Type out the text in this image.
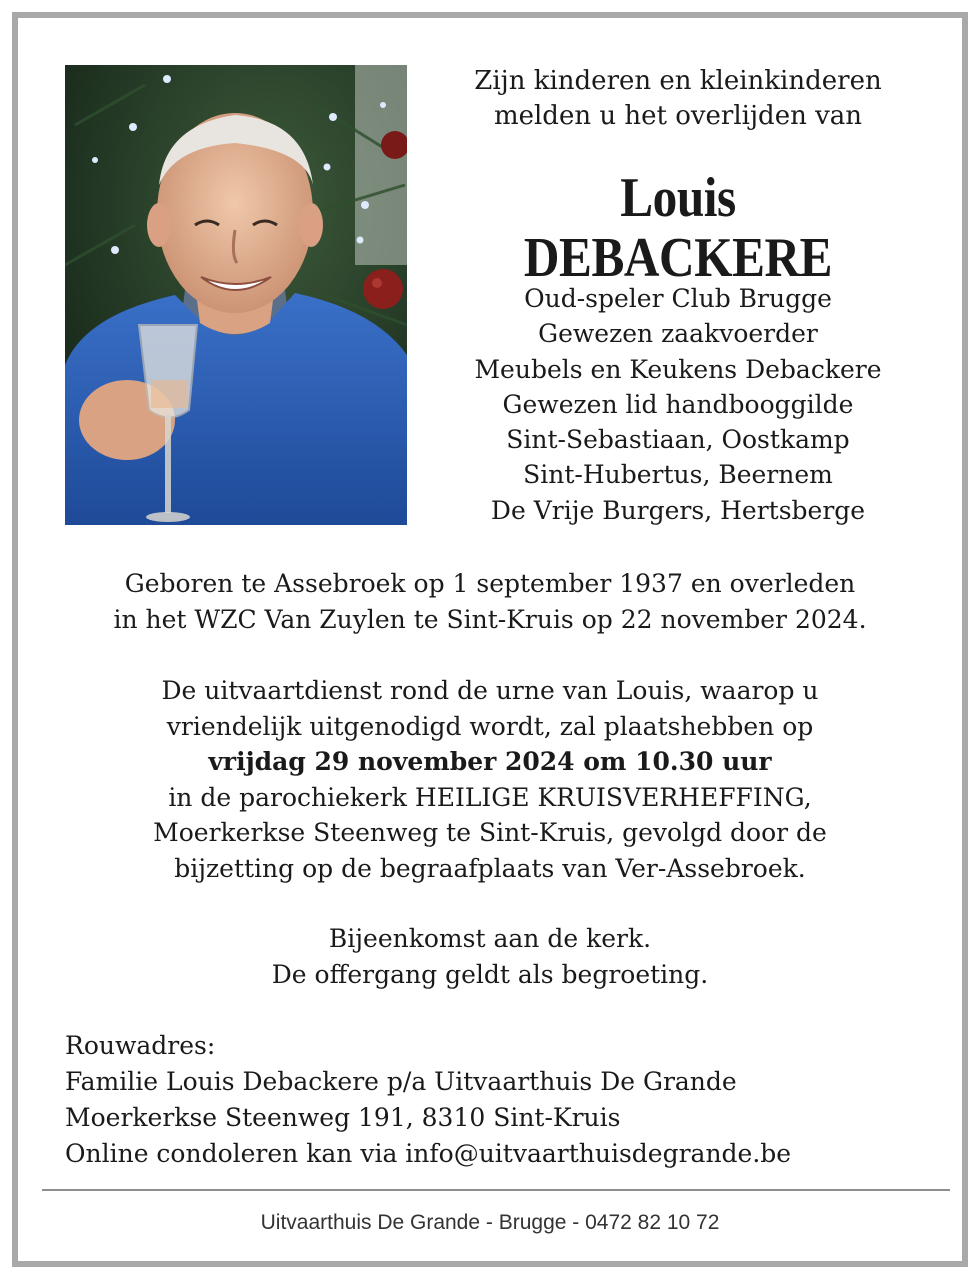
Zijn kinderen en kleinkinderen
melden u het overlijden van
Louis DEBACKERE
Oud-speler Club Brugge
Gewezen zaakvoerder
Meubels en Keukens Debackere
Gewezen lid handbooggilde
Sint-Sebastiaan, Oostkamp
Sint-Hubertus, Beernem
De Vrije Burgers, Hertsberge
Geboren te Assebroek op 1 september 1937 en overleden
in het WZC Van Zuylen te Sint-Kruis op 22 november 2024.
De uitvaartdienst rond de urne van Louis, waarop u
vriendelijk uitgenodigd wordt, zal plaatshebben op
vrijdag 29 november 2024 om 10.30 uur
in de parochiekerk HEILIGE KRUISVERHEFFING,
Moerkerkse Steenweg te Sint-Kruis, gevolgd door de
bijzetting op de begraafplaats van Ver-Assebroek.
Bijeenkomst aan de kerk.
De offergang geldt als begroeting.
Rouwadres:
Familie Louis Debackere p/a Uitvaarthuis De Grande
Moerkerkse Steenweg 191, 8310 Sint-Kruis
Online condoleren kan via info@uitvaarthuisdegrande.be
Uitvaarthuis De Grande - Brugge - 0472 82 10 72
